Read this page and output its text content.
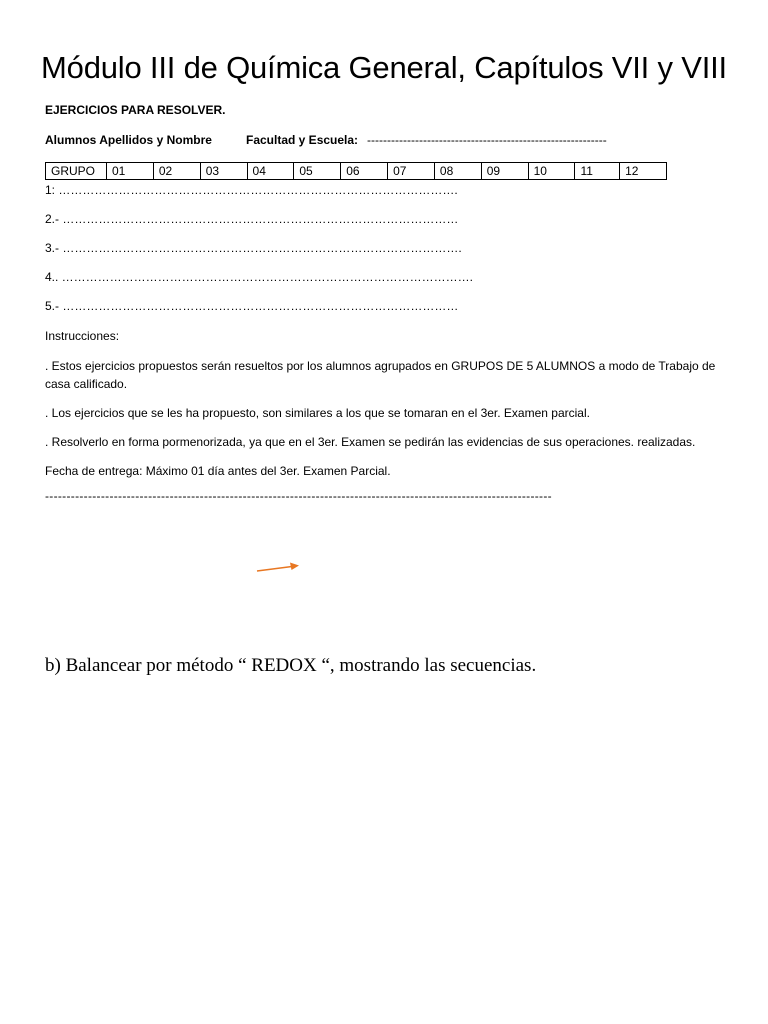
Módulo III de Química General, Capítulos VII y VIII
EJERCICIOS PARA RESOLVER.
Alumnos Apellidos y Nombre	Facultad y Escuela: ------------------------------------------------------------
GRUPO	01	02	03	04	05	06	07	08	09	10	11	12
1: ……………………………………………………………………………………….
2.- ………………………………………………………………………………………
3.- ……………………………………………………………………………………….
4.. ………………………………………………………………………………………….
5.- ………………………………………………………………………………………
Instrucciones:
. Estos ejercicios propuestos serán resueltos por los alumnos agrupados en GRUPOS DE 5 ALUMNOS a modo de Trabajo de casa calificado.
. Los ejercicios que se les ha propuesto, son similares a los que se tomaran en el 3er. Examen parcial.
. Resolverlo en forma pormenorizada, ya que en el 3er. Examen se pedirán las evidencias de sus operaciones. realizadas.
Fecha de entrega: Máximo 01 día antes del 3er. Examen Parcial.
----------------------------------------------------------------------------------------------------------------------
b) Balancear por método “ REDOX “, mostrando las secuencias.
